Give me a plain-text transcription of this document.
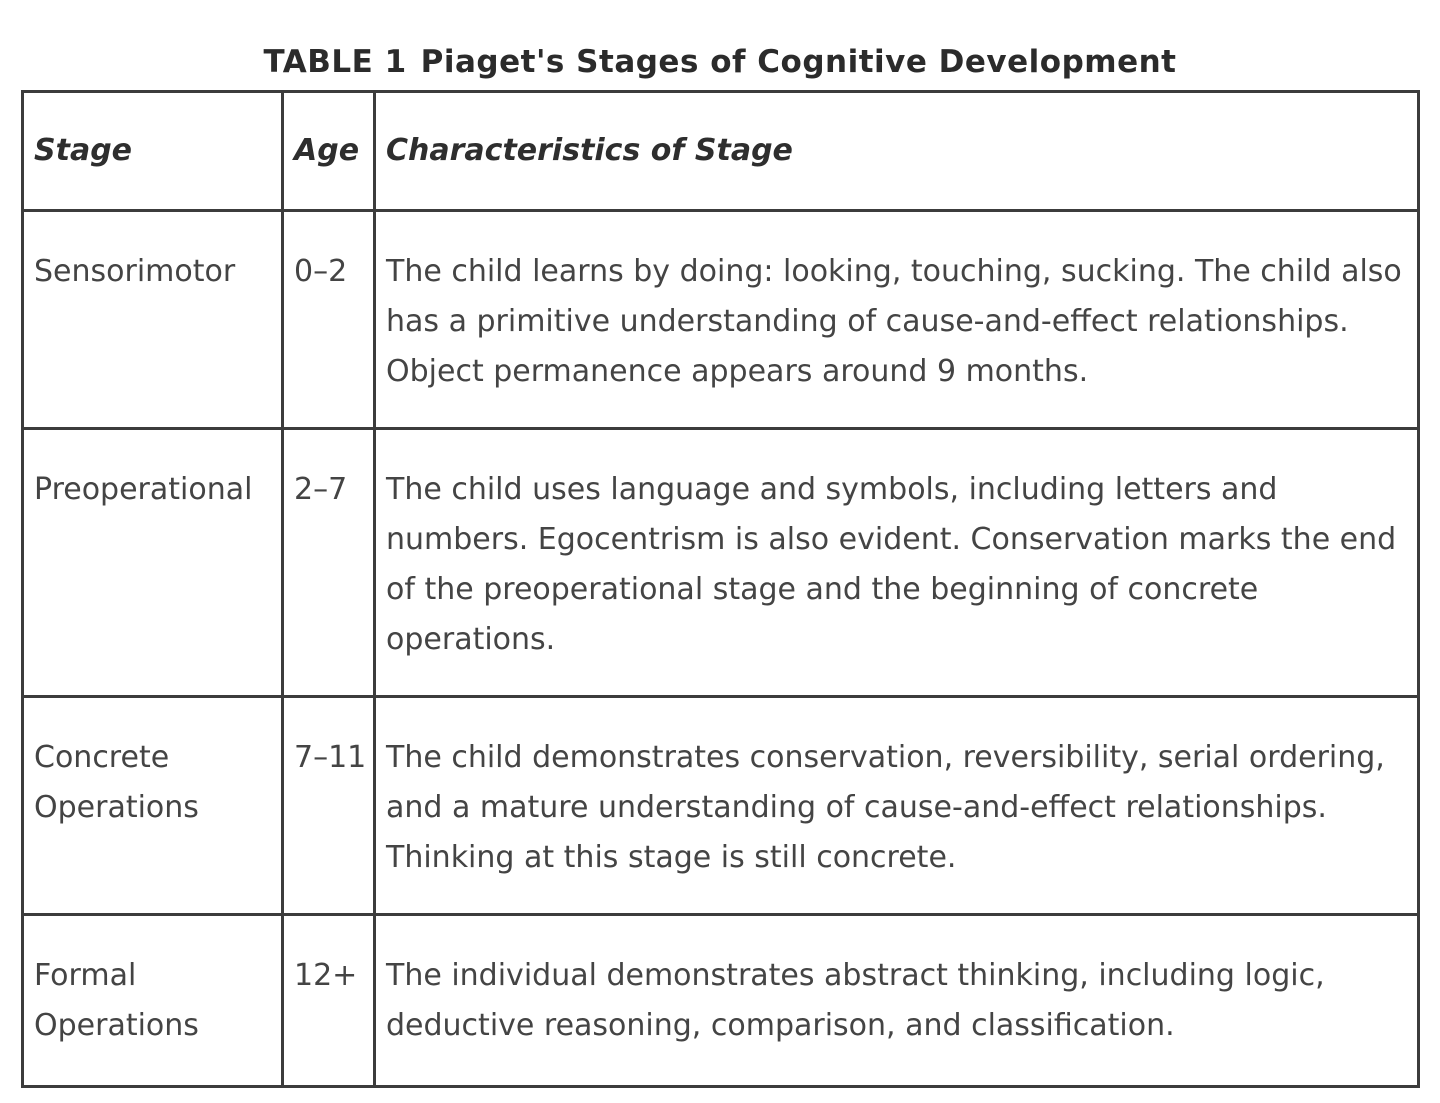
TABLE 1 Piaget's Stages of Cognitive Development
Stage	Age	Characteristics of Stage
Sensorimotor	0–2	The child learns by doing: looking, touching, sucking. The child also has a primitive understanding of cause-and-effect relationships. Object permanence appears around 9 months.
Preoperational	2–7	The child uses language and symbols, including letters and numbers. Egocentrism is also evident. Conservation marks the end of the preoperational stage and the beginning of concrete operations.
Concrete Operations	7–11	The child demonstrates conservation, reversibility, serial ordering, and a mature understanding of cause-and-effect relationships. Thinking at this stage is still concrete.
Formal Operations	12+	The individual demonstrates abstract thinking, including logic, deductive reasoning, comparison, and classification.
